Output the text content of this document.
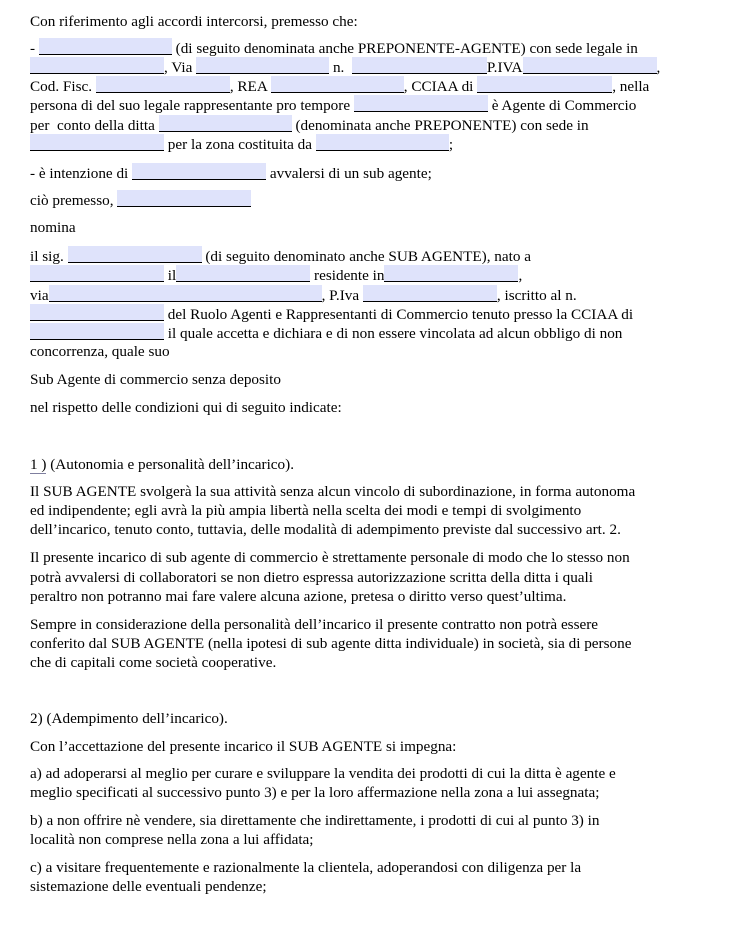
Con riferimento agli accordi intercorsi, premesso che:
-	(di seguito denominata anche PREPONENTE-AGENTE) con sede legale in
, Via	n.	P.IVA	,
Cod. Fisc.	, REA	, CCIAA di	, nella
persona di del suo legale rappresentante pro tempore	è Agente di Commercio
per  conto della ditta	(denominata anche PREPONENTE) con sede in
per la zona costituita da	;
- è intenzione di	avvalersi di un sub agente;
ciò premesso,
nomina
il sig.	(di seguito denominato anche SUB AGENTE), nato a
il	residente in	,
via	, P.Iva	, iscritto al n.
del Ruolo Agenti e Rappresentanti di Commercio tenuto presso la CCIAA di
il quale accetta e dichiara e di non essere vincolata ad alcun obbligo di non
concorrenza, quale suo
Sub Agente di commercio senza deposito
nel rispetto delle condizioni qui di seguito indicate:
1 ) (Autonomia e personalità dell’incarico).
Il SUB AGENTE svolgerà la sua attività senza alcun vincolo di subordinazione, in forma autonoma
ed indipendente; egli avrà la più ampia libertà nella scelta dei modi e tempi di svolgimento
dell’incarico, tenuto conto, tuttavia, delle modalità di adempimento previste dal successivo art. 2.
Il presente incarico di sub agente di commercio è strettamente personale di modo che lo stesso non
potrà avvalersi di collaboratori se non dietro espressa autorizzazione scritta della ditta i quali
peraltro non potranno mai fare valere alcuna azione, pretesa o diritto verso quest’ultima.
Sempre in considerazione della personalità dell’incarico il presente contratto non potrà essere
conferito dal SUB AGENTE (nella ipotesi di sub agente ditta individuale) in società, sia di persone
che di capitali come società cooperative.
2) (Adempimento dell’incarico).
Con l’accettazione del presente incarico il SUB AGENTE si impegna:
a) ad adoperarsi al meglio per curare e sviluppare la vendita dei prodotti di cui la ditta è agente e
meglio specificati al successivo punto 3) e per la loro affermazione nella zona a lui assegnata;
b) a non offrire nè vendere, sia direttamente che indirettamente, i prodotti di cui al punto 3) in
località non comprese nella zona a lui affidata;
c) a visitare frequentemente e razionalmente la clientela, adoperandosi con diligenza per la
sistemazione delle eventuali pendenze;
